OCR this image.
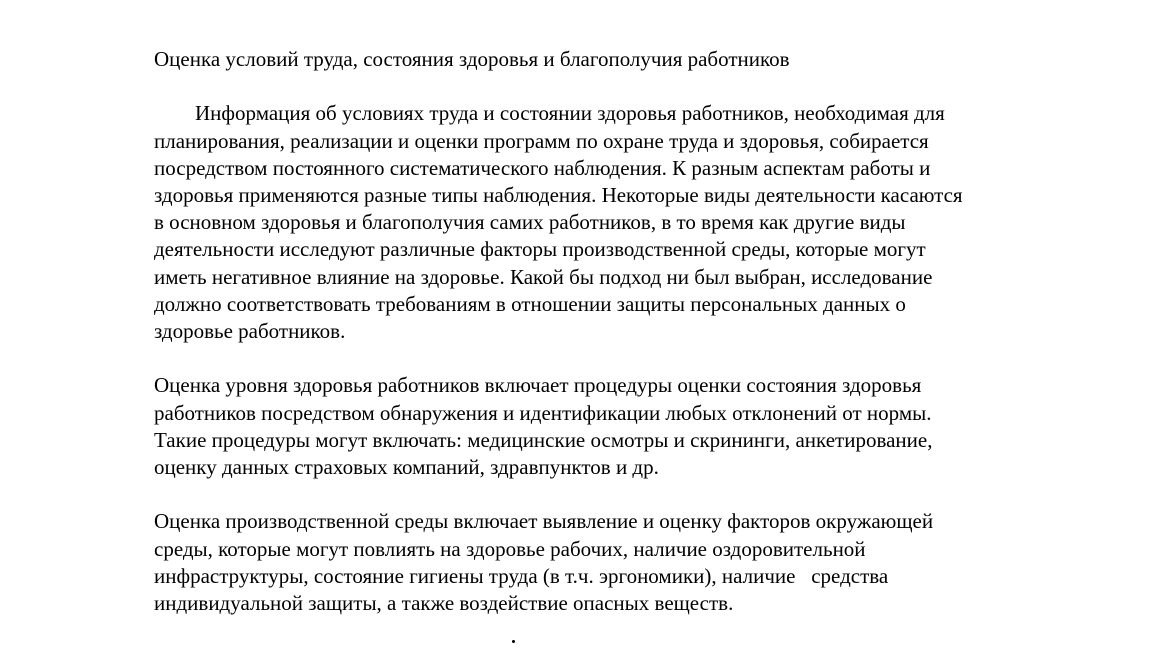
Оценка условий труда, состояния здоровья и благополучия работников

Информация об условиях труда и состоянии здоровья работников, необходимая для
планирования, реализации и оценки программ по охране труда и здоровья, собирается
посредством постоянного систематического наблюдения. К разным аспектам работы и
здоровья применяются разные типы наблюдения. Некоторые виды деятельности касаются
в основном здоровья и благополучия самих работников, в то время как другие виды
деятельности исследуют различные факторы производственной среды, которые могут
иметь негативное влияние на здоровье. Какой бы подход ни был выбран, исследование
должно соответствовать требованиям в отношении защиты персональных данных о
здоровье работников.
Оценка уровня здоровья работников включает процедуры оценки состояния здоровья
работников посредством обнаружения и идентификации любых отклонений от нормы.
Такие процедуры могут включать: медицинские осмотры и скрининги, анкетирование,
оценку данных страховых компаний, здравпунктов и др.
Оценка производственной среды включает выявление и оценку факторов окружающей
среды, которые могут повлиять на здоровье рабочих, наличие оздоровительной
инфраструктуры, состояние гигиены труда (в т.ч. эргономики), наличие   средства
индивидуальной защиты, а также воздействие опасных веществ.
